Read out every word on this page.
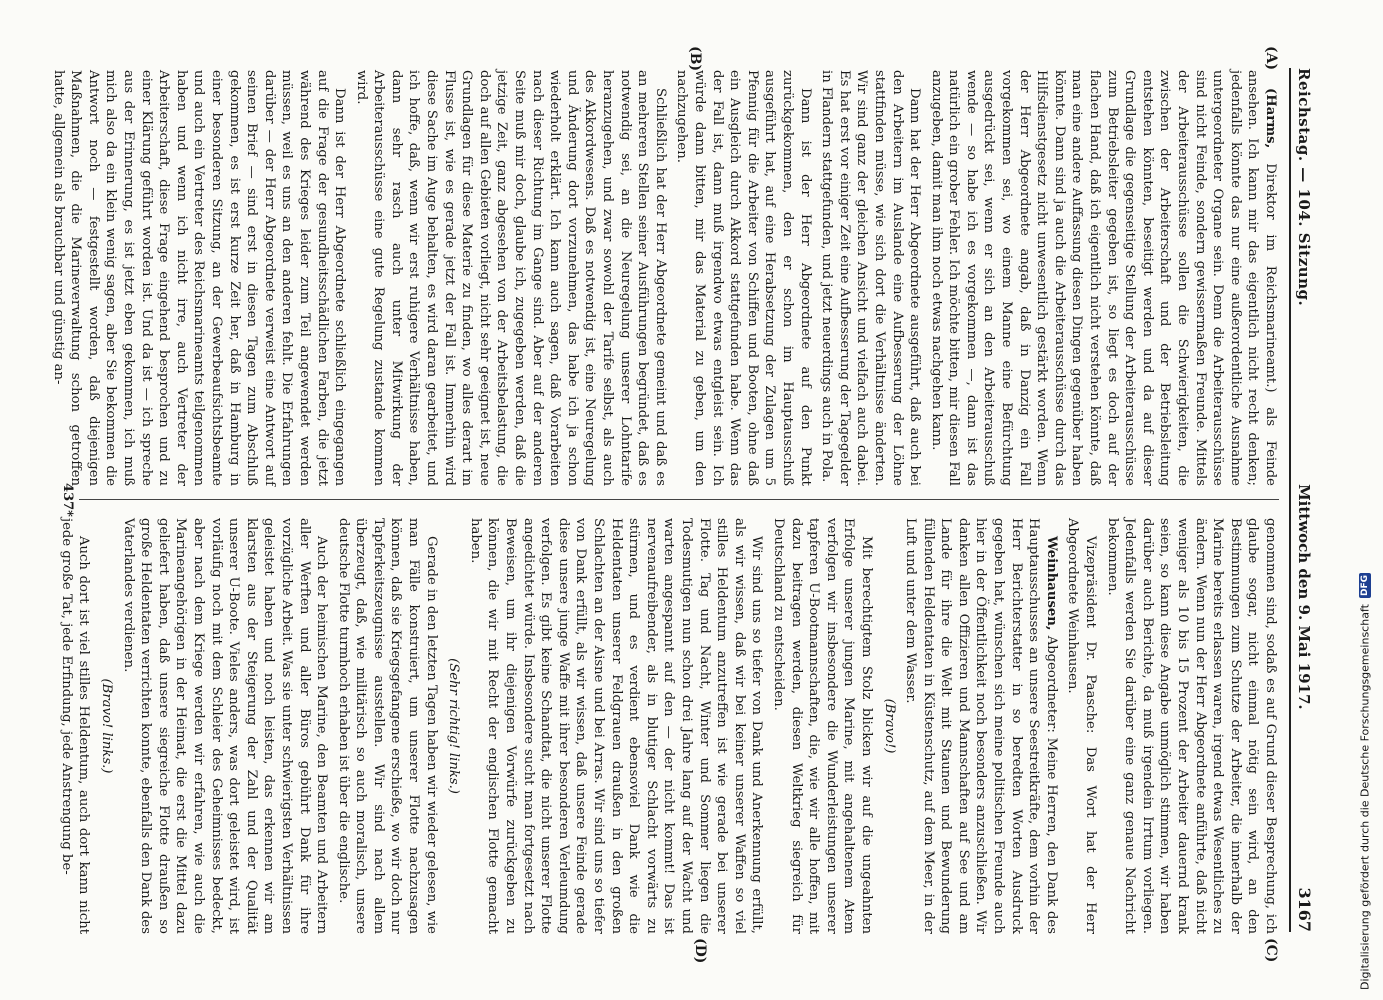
Reichstag. — 104. Sitzung.
Mittwoch den 9. Mai 1917.
3167
(A)
(B)
(C)
(D)

(Harms, Direktor im Reichsmarineamt.) als Feinde ansehen. Ich kann mir das eigentlich nicht recht denken; jedenfalls könnte das nur eine außerordentliche Ausnahme untergeordneter Organe sein. Denn die Arbeiterausschüsse sind nicht Feinde, sondern gewissermaßen Freunde. Mittels der Arbeiterausschüsse sollen die Schwierigkeiten, die zwischen der Arbeiterschaft und der Betriebsleitung entstehen könnten, beseitigt werden und da auf dieser Grundlage die gegenseitige Stellung der Arbeiterausschüsse zum Betriebsleiter gegeben ist, so liegt es doch auf der flachen Hand, daß ich eigentlich nicht verstehen könnte, daß man eine andere Auffassung diesen Dingen gegenüber haben könnte. Dann sind ja auch die Arbeiterausschüsse durch das Hilfsdienstgesetz nicht unwesentlich gestärkt worden. Wenn der Herr Abgeordnete angab, daß in Danzig ein Fall vorgekommen sei, wo einem Manne eine Befürchtung ausgedrückt sei, wenn er sich an den Arbeiterausschuß wende — so habe ich es vorgekommen —, dann ist das natürlich ein grober Fehler. Ich möchte bitten, mir diesen Fall anzugeben, damit man ihm noch etwas nachgehen kann.

Dann hat der Herr Abgeordnete ausgeführt, daß auch bei den Arbeitern im Auslande eine Aufbesserung der Löhne stattfinden müsse, wie sich dort die Verhältnisse änderten. Wir sind ganz der gleichen Ansicht und vielfach auch dabei. Es hat erst vor einiger Zeit eine Aufbesserung der Tagegelder in Flandern stattgefunden, und jetzt neuerdings auch in Pola.

Dann ist der Herr Abgeordnete auf den Punkt zurückgekommen, den er schon im Hauptausschuß ausgeführt hat, auf eine Herabsetzung der Zulagen um 5 Pfennig für die Arbeiter von Schiffen und Booten, ohne daß ein Ausgleich durch Akkord stattgefunden habe. Wenn das der Fall ist, dann muß irgendwo etwas entgleist sein. Ich würde dann bitten, mir das Material zu geben, um den nachzugehen.

Schließlich hat der Herr Abgeordnete gemeint und daß es an mehreren Stellen seiner Ausführungen begründet, daß es notwendig sei, an die Neuregelung unserer Lohntarife heranzugehen, und zwar sowohl der Tarife selbst, als auch des Akkordwesens. Daß es notwendig ist, eine Neuregelung und Änderung dort vorzunehmen, das habe ich ja schon wiederholt erklärt. Ich kann auch sagen, daß Vorarbeiten nach dieser Richtung im Gange sind. Aber auf der anderen Seite muß mir doch, glaube ich, zugegeben werden, daß die jetzige Zeit, ganz abgesehen von der Arbeitsbelastung, die doch auf allen Gebieten vorliegt, nicht sehr geeignet ist, neue Grundlagen für diese Materie zu finden, wo alles derart im Flusse ist, wie es gerade jetzt der Fall ist. Immerhin wird diese Sache im Auge behalten, es wird daran gearbeitet, und ich hoffe, daß, wenn wir erst ruhigere Verhältnisse haben, dann sehr rasch auch unter Mitwirkung der Arbeiterausschüsse eine gute Regelung zustande kommen wird.

Dann ist der Herr Abgeordnete schließlich eingegangen auf die Frage der gesundheitsschädlichen Farben, die jetzt während des Krieges leider zum Teil angewendet werden müssen, weil es uns an den anderen fehlt. Die Erfahrungen darüber — der Herr Abgeordnete verweist eine Antwort auf seinen Brief — sind erst in diesen Tagen zum Abschluß gekommen, es ist erst kurze Zeit her, daß in Hamburg in einer besonderen Sitzung, an der Gewerbeaufsichtsbeamte und auch ein Vertreter des Reichsmarineamts teilgenommen haben und wenn ich nicht irre, auch Vertreter der Arbeiterschaft, diese Frage eingehend besprochen und zu einer Klärung geführt worden ist. Und da ist — ich spreche aus der Erinnerung, es ist jetzt eben gekommen, ich muß mich also da ein klein wenig sagen, aber Sie bekommen die Antwort noch — festgestellt worden, daß diejenigen Maßnahmen, die die Marineverwaltung schon getroffen hatte, allgemein als brauchbar und günstig an-

genommen sind, sodaß es auf Grund dieser Besprechung, ich glaube sogar, nicht einmal nötig sein wird, an den Bestimmungen zum Schutze der Arbeiter, die innerhalb der Marine bereits erlassen waren, irgend etwas Wesentliches zu ändern. Wenn nun der Herr Abgeordnete anführte, daß nicht weniger als 10 bis 15 Prozent der Arbeiter dauernd krank seien, so kann diese Angabe unmöglich stimmen, wir haben darüber auch Berichte, da muß irgendein Irrtum vorliegen. Jedenfalls werden Sie darüber eine ganz genaue Nachricht bekommen.

Vizepräsident Dr. Paasche: Das Wort hat der Herr Abgeordnete Weinhausen.

Weinhausen, Abgeordneter: Meine Herren, den Dank des Hauptausschusses an unsere Seestreitkräfte, dem vorhin der Herr Berichterstatter in so beredten Worten Ausdruck gegeben hat, wünschen sich meine politischen Freunde auch hier in der Öffentlichkeit noch besonders anzuschließen. Wir danken allen Offizieren und Mannschaften auf See und am Lande für ihre die Welt mit Staunen und Bewunderung füllenden Heldentaten in Küstenschutz, auf dem Meer, in der Luft und unter dem Wasser.

(Bravo!)

Mit berechtigtem Stolz blicken wir auf die ungeahnten Erfolge unserer jungen Marine, mit angehaltenem Atem verfolgen wir insbesondere die Wunderleistungen unserer tapferen U-Bootmannschaften, die, wie wir alle hoffen, mit dazu beitragen werden, diesen Weltkrieg siegreich für Deutschland zu entscheiden.

Wir sind uns so tiefer von Dank und Anerkennung erfüllt, als wir wissen, daß wir bei keiner unserer Waffen so viel stilles Heldentum anzutreffen ist wie gerade bei unserer Flotte. Tag und Nacht, Winter und Sommer liegen die Todesmutigen nun schon drei Jahre lang auf der Wacht und warten angespannt auf den — der nicht kommt! Das ist nervenaufreibender, als in blutiger Schlacht vorwärts zu stürmen, und es verdient ebensoviel Dank wie die Heldentaten unserer Feldgrauen draußen in den großen Schlachten an der Aisne und bei Arras. Wir sind uns so tiefer von Dank erfüllt, als wir wissen, daß unsere Feinde gerade diese unsere junge Waffe mit ihrer besonderen Verleumdung verfolgen. Es gibt keine Schandtat, die nicht unserer Flotte angedichtet würde. Insbesondere sucht man fortgesetzt nach Beweisen, um ihr diejenigen Vorwürfe zurückgeben zu können, die wir mit Recht der englischen Flotte gemacht haben.

(Sehr richtig! links.)

Gerade in den letzten Tagen haben wir wieder gelesen, wie man Fälle konstruiert, um unserer Flotte nachzusagen können, daß sie Kriegsgefangene erschieße, wo wir doch nur Tapferkeitszeugnisse ausstellen. Wir sind nach allem überzeugt, daß, wie militärisch so auch moralisch, unsere deutsche Flotte turmhoch erhaben ist über die englische.

Auch der heimischen Marine, den Beamten und Arbeitern aller Werften und aller Büros gebührt Dank für ihre vorzügliche Arbeit. Was sie unter schwierigsten Verhältnissen geleistet haben und noch leisten, das erkennen wir am klarsten aus der Steigerung der Zahl und der Qualität unserer U-Boote. Vieles anders, was dort geleistet wird, ist vorläufig noch mit dem Schleier des Geheimnisses bedeckt, aber nach dem Kriege werden wir erfahren, wie auch die Marineangehörigen in der Heimat, die erst die Mittel dazu geliefert haben, daß unsere siegreiche Flotte draußen so große Heldentaten verrichten konnte, ebenfalls den Dank des Vaterlandes verdienen.

(Bravo! links.)

Auch dort ist viel stilles Heldentum, auch dort kann nicht jede große Tat, jede Erfindung, jede Anstrengung be-

437*
Digitalisierung gefördert durch die Deutsche Forschungsgemeinschaft
DFG
